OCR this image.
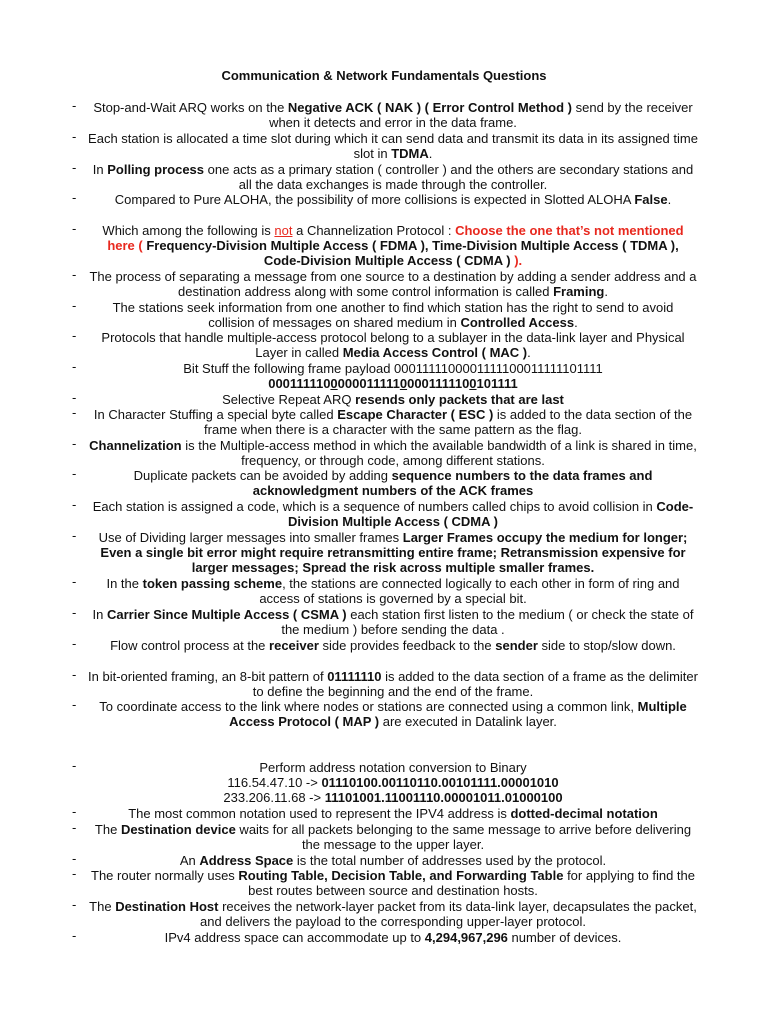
Communication & Network Fundamentals Questions
-	Stop-and-Wait ARQ works on the Negative ACK ( NAK ) ( Error Control Method ) send by the receiver when it detects and error in the data frame.
- Each station is allocated a time slot during which it can send data and transmit its data in its assigned time slot in TDMA.
-	In Polling process one acts as a primary station ( controller ) and the others are secondary stations and all the data exchanges is made through the controller.
-	Compared to Pure ALOHA, the possibility of more collisions is expected in Slotted ALOHA False.
-	Which among the following is not a Channelization Protocol : Choose the one that’s not mentioned here ( Frequency-Division Multiple Access ( FDMA ), Time-Division Multiple Access ( TDMA ), Code-Division Multiple Access ( CDMA ) ).
- The process of separating a message from one source to a destination by adding a sender address and a destination address along with some control information is called Framing.
-	The stations seek information from one another to find which station has the right to send to avoid collision of messages on shared medium in Controlled Access.
-	Protocols that handle multiple-access protocol belong to a sublayer in the data-link layer and Physical Layer in called Media Access Control ( MAC ).
-	Bit Stuff the following frame payload 0001111100001111100011111101111
000111110000001111100001111100101111
-	Selective Repeat ARQ resends only packets that are last
-	In Character Stuffing a special byte called Escape Character ( ESC ) is added to the data section of the frame when there is a character with the same pattern as the flag.
- Channelization is the Multiple-access method in which the available bandwidth of a link is shared in time, frequency, or through code, among different stations.
-	Duplicate packets can be avoided by adding sequence numbers to the data frames and acknowledgment numbers of the ACK frames
-	Each station is assigned a code, which is a sequence of numbers called chips to avoid collision in Code-Division Multiple Access ( CDMA )
-	Use of Dividing larger messages into smaller frames Larger Frames occupy the medium for longer; Even a single bit error might require retransmitting entire frame; Retransmission expensive for larger messages; Spread the risk across multiple smaller frames.
-	In the token passing scheme, the stations are connected logically to each other in form of ring and access of stations is governed by a special bit.
-	In Carrier Since Multiple Access ( CSMA ) each station first listen to the medium ( or check the state of the medium ) before sending the data .
-	Flow control process at the receiver side provides feedback to the sender side to stop/slow down.
- In bit-oriented framing, an 8-bit pattern of 01111110 is added to the data section of a frame as the delimiter to define the beginning and the end of the frame.
-	To coordinate access to the link where nodes or stations are connected using a common link, Multiple Access Protocol ( MAP ) are executed in Datalink layer.
-	Perform address notation conversion to Binary
116.54.47.10 -> 01110100.00110110.00101111.00001010
233.206.11.68 -> 11101001.11001110.00001011.01000100
-	The most common notation used to represent the IPV4 address is dotted-decimal notation
-	The Destination device waits for all packets belonging to the same message to arrive before delivering the message to the upper layer.
-	An Address Space is the total number of addresses used by the protocol.
- The router normally uses Routing Table, Decision Table, and Forwarding Table for applying to find the best routes between source and destination hosts.
- The Destination Host receives the network-layer packet from its data-link layer, decapsulates the packet, and delivers the payload to the corresponding upper-layer protocol.
-	IPv4 address space can accommodate up to 4,294,967,296 number of devices.
